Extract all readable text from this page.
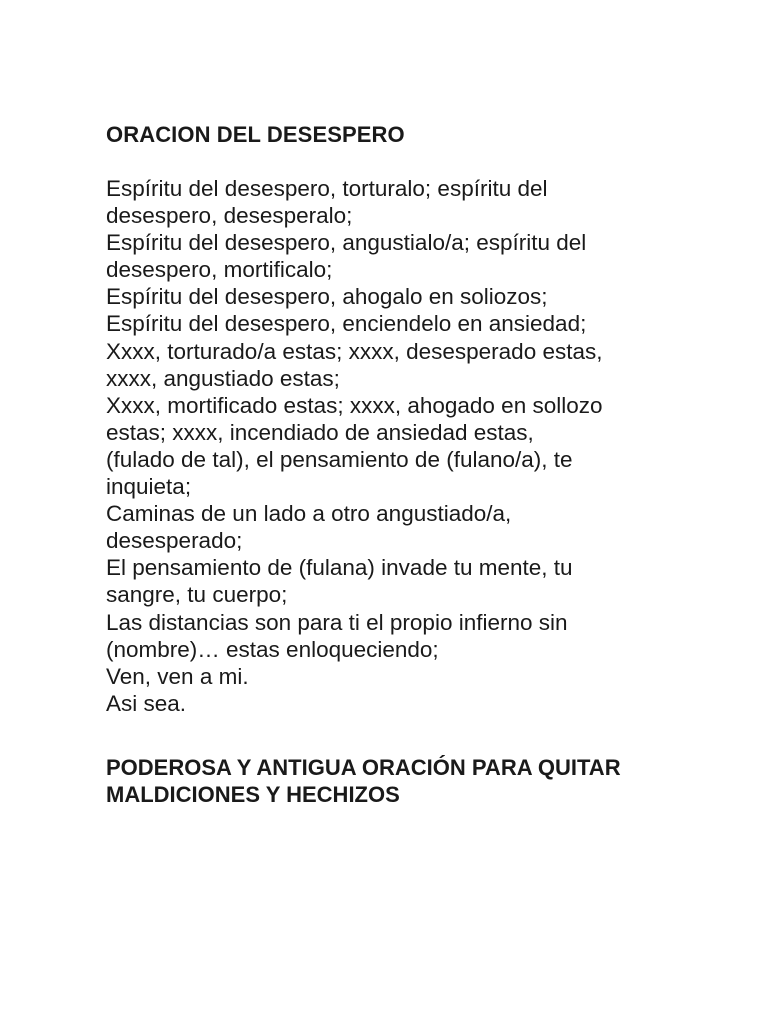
ORACION DEL DESESPERO
Espíritu del desespero, torturalo; espíritu del
desespero, desesperalo;
Espíritu del desespero, angustialo/a; espíritu del
desespero, mortificalo;
Espíritu del desespero, ahogalo en soliozos;
Espíritu del desespero, enciendelo en ansiedad;
Xxxx, torturado/a estas; xxxx, desesperado estas,
xxxx, angustiado estas;
Xxxx, mortificado estas; xxxx, ahogado en sollozo
estas; xxxx, incendiado de ansiedad estas,
(fulado de tal), el pensamiento de (fulano/a), te
inquieta;
Caminas de un lado a otro angustiado/a,
desesperado;
El pensamiento de (fulana) invade tu mente, tu
sangre, tu cuerpo;
Las distancias son para ti el propio infierno sin
(nombre)… estas enloqueciendo;
Ven, ven a mi.
Asi sea.
PODEROSA Y ANTIGUA ORACIÓN PARA QUITAR
MALDICIONES Y HECHIZOS
